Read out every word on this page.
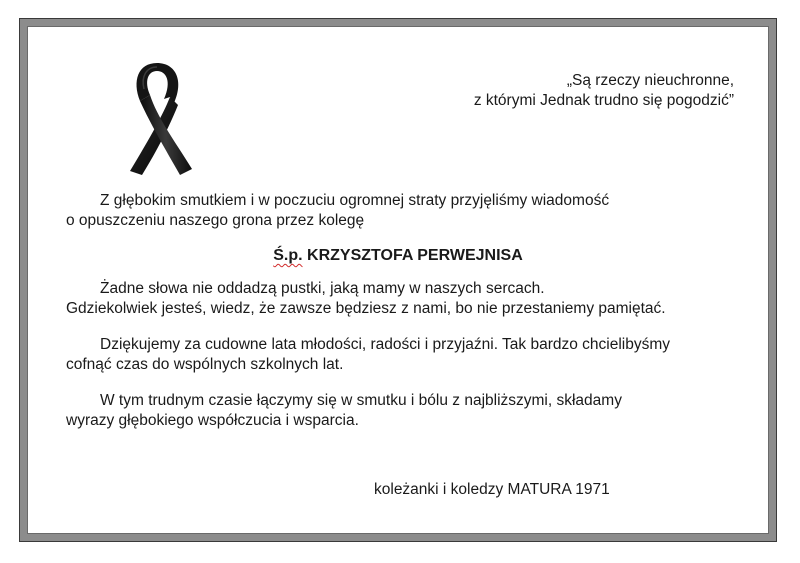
„Są rzeczy nieuchronne,
z którymi Jednak trudno się pogodzić”
Z głębokim smutkiem i w poczuciu ogromnej straty przyjęliśmy wiadomość
o opuszczeniu naszego grona przez kolegę
Ś.p. KRZYSZTOFA PERWEJNISA
Żadne słowa nie oddadzą pustki, jaką mamy w naszych sercach.
Gdziekolwiek jesteś, wiedz, że zawsze będziesz z nami, bo nie przestaniemy pamiętać.
Dziękujemy za cudowne lata młodości, radości i przyjaźni. Tak bardzo chcielibyśmy
cofnąć czas do wspólnych szkolnych lat.
W tym trudnym czasie łączymy się w smutku i bólu z najbliższymi, składamy
wyrazy głębokiego współczucia i wsparcia.
koleżanki i koledzy MATURA 1971
